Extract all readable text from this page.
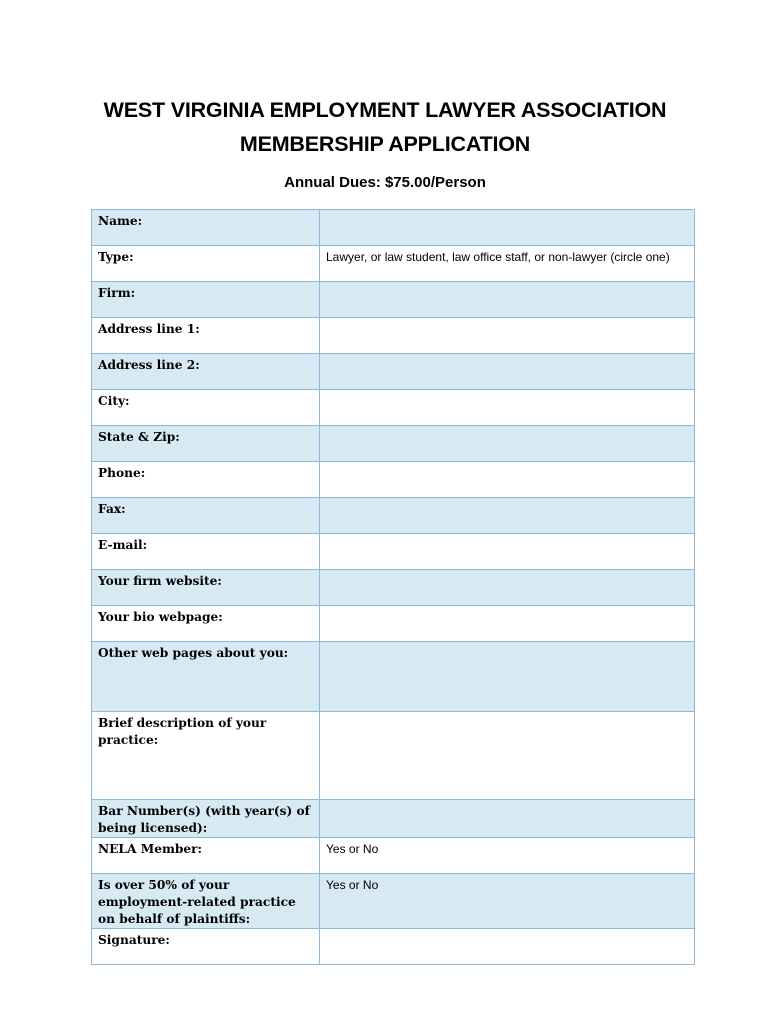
WEST VIRGINIA EMPLOYMENT LAWYER ASSOCIATION
MEMBERSHIP APPLICATION
Annual Dues: $75.00/Person
Name:	

Type:	Lawyer, or law student, law office staff, or non-lawyer (circle one)

Firm:	

Address line 1:	

Address line 2:	

City:	

State & Zip:	

Phone:	

Fax:	

E-mail:	

Your firm website:	

Your bio webpage:	

Other web pages about you:	

Brief description of your practice:	

Bar Number(s) (with year(s) of being licensed):	

NELA Member:	Yes or No

Is over 50% of your employment-related practice on behalf of plaintiffs:	Yes or No

Signature:	
